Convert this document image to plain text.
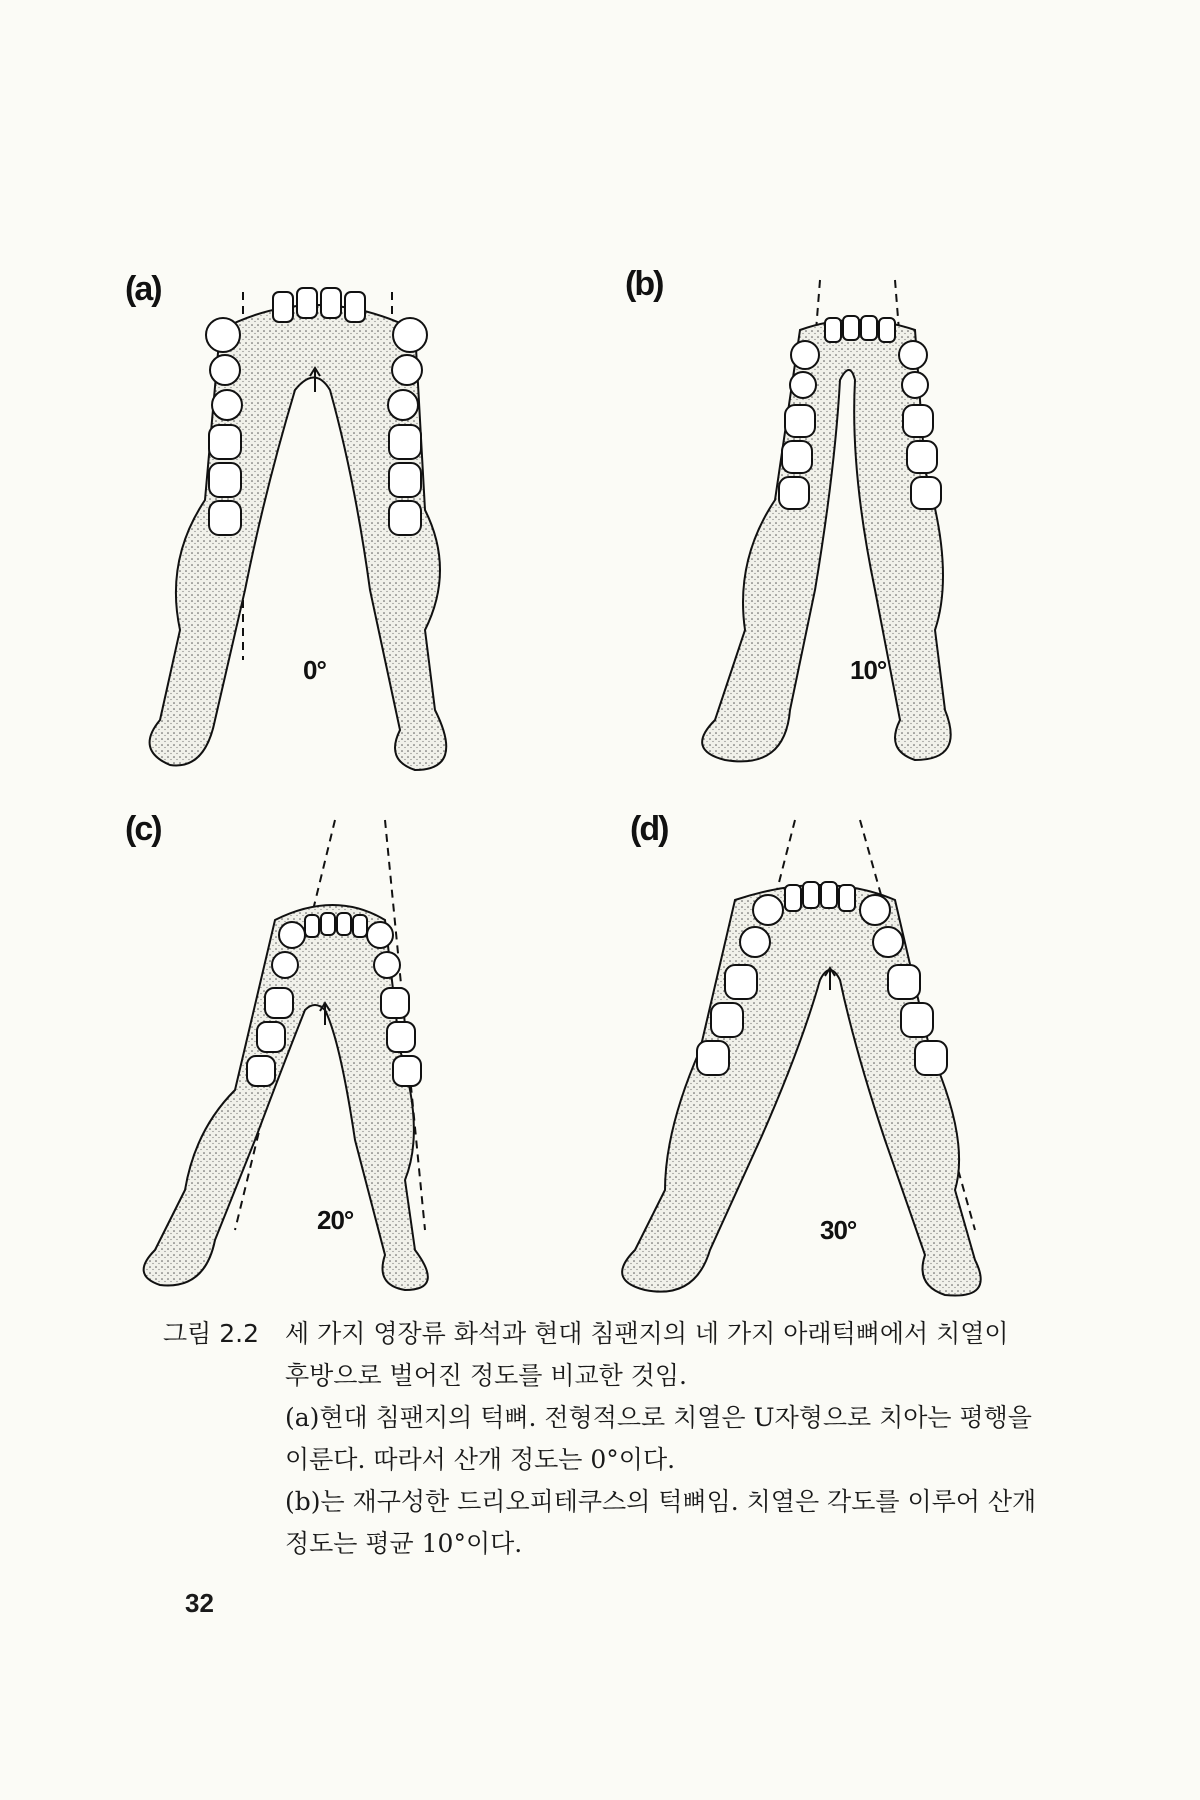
(a)
0°
(b)
10°
(c)
20°
(d)
30°
그림 2.2 세 가지 영장류 화석과 현대 침팬지의 네 가지 아래턱뼈에서 치열이
후방으로 벌어진 정도를 비교한 것임.
(a)현대 침팬지의 턱뼈. 전형적으로 치열은 U자형으로 치아는 평행을
이룬다. 따라서 산개 정도는 0°이다.
(b)는 재구성한 드리오피테쿠스의 턱뼈임. 치열은 각도를 이루어 산개
정도는 평균 10°이다.
32
